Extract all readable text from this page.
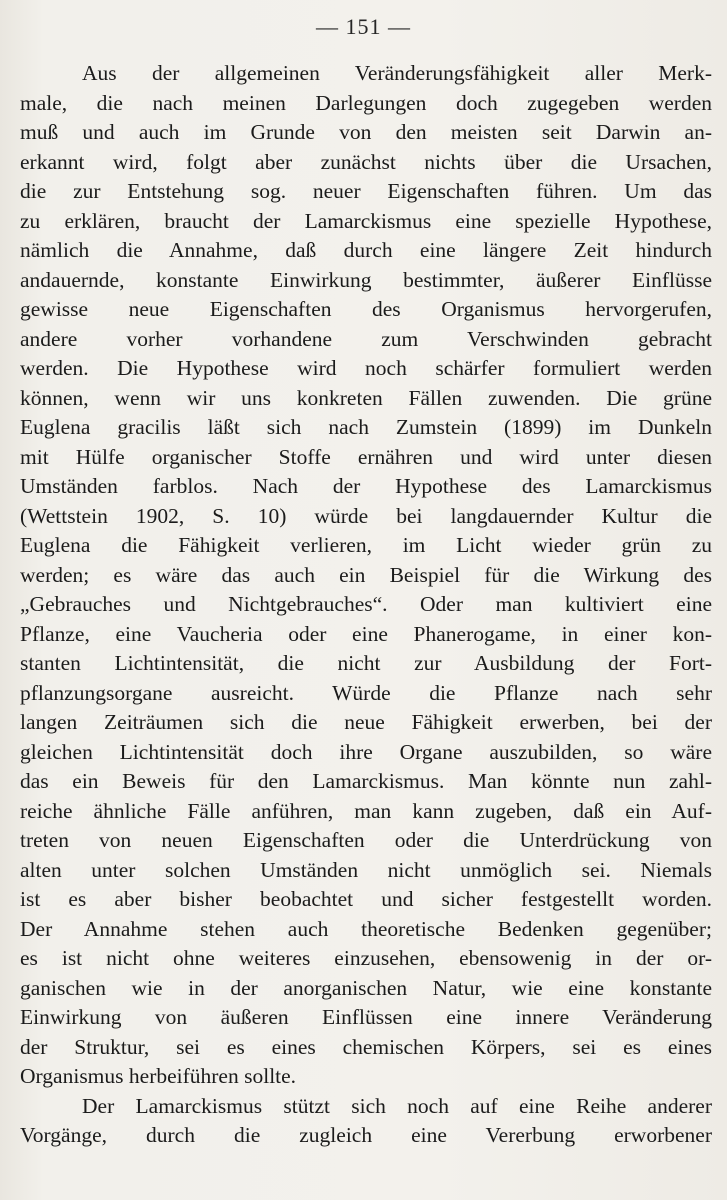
— 151 —
Aus der allgemeinen Veränderungsfähigkeit aller Merk-
male, die nach meinen Darlegungen doch zugegeben werden
muß und auch im Grunde von den meisten seit Darwin an-
erkannt wird, folgt aber zunächst nichts über die Ursachen,
die zur Entstehung sog. neuer Eigenschaften führen. Um das
zu erklären, braucht der Lamarckismus eine spezielle Hypothese,
nämlich die Annahme, daß durch eine längere Zeit hindurch
andauernde, konstante Einwirkung bestimmter, äußerer Einflüsse
gewisse neue Eigenschaften des Organismus hervorgerufen,
andere vorher vorhandene zum Verschwinden gebracht
werden. Die Hypothese wird noch schärfer formuliert werden
können, wenn wir uns konkreten Fällen zuwenden. Die grüne
Euglena gracilis läßt sich nach Zumstein (1899) im Dunkeln
mit Hülfe organischer Stoffe ernähren und wird unter diesen
Umständen farblos. Nach der Hypothese des Lamarckismus
(Wettstein 1902, S. 10) würde bei langdauernder Kultur die
Euglena die Fähigkeit verlieren, im Licht wieder grün zu
werden; es wäre das auch ein Beispiel für die Wirkung des
„Gebrauches und Nichtgebrauches“. Oder man kultiviert eine
Pflanze, eine Vaucheria oder eine Phanerogame, in einer kon-
stanten Lichtintensität, die nicht zur Ausbildung der Fort-
pflanzungsorgane ausreicht. Würde die Pflanze nach sehr
langen Zeiträumen sich die neue Fähigkeit erwerben, bei der
gleichen Lichtintensität doch ihre Organe auszubilden, so wäre
das ein Beweis für den Lamarckismus. Man könnte nun zahl-
reiche ähnliche Fälle anführen, man kann zugeben, daß ein Auf-
treten von neuen Eigenschaften oder die Unterdrückung von
alten unter solchen Umständen nicht unmöglich sei. Niemals
ist es aber bisher beobachtet und sicher festgestellt worden.
Der Annahme stehen auch theoretische Bedenken gegenüber;
es ist nicht ohne weiteres einzusehen, ebensowenig in der or-
ganischen wie in der anorganischen Natur, wie eine konstante
Einwirkung von äußeren Einflüssen eine innere Veränderung
der Struktur, sei es eines chemischen Körpers, sei es eines
Organismus herbeiführen sollte.
Der Lamarckismus stützt sich noch auf eine Reihe anderer
Vorgänge, durch die zugleich eine Vererbung erworbener
